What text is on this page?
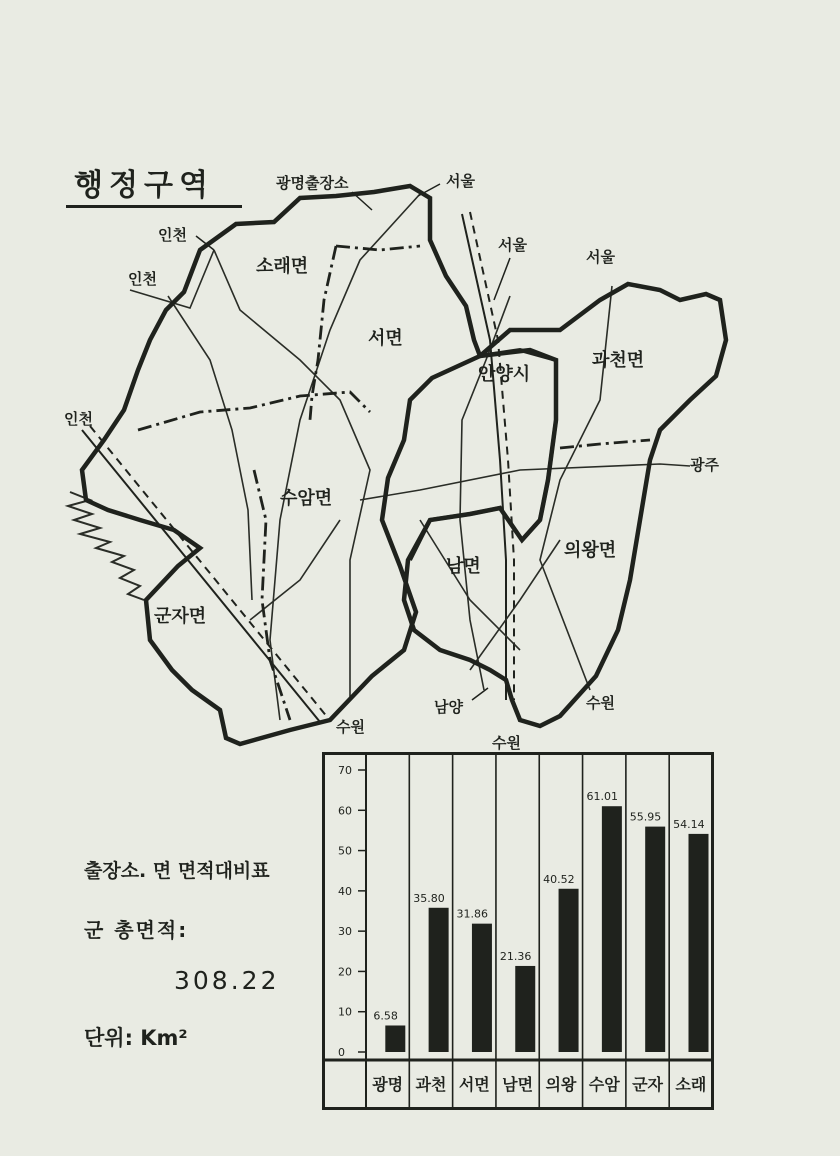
행정구역
소래면
서면
안양시
과천면
수암면
남면
의왕면
군자면
광명출장소	서울
서울
서울
인천
인천
인천
광주
수원
수원
수원
남양
출장소. 면 면적대비표
군 총면적:
308.22
단위: Km²
70
60
50
40
30
20
10
0
6.58
광명
35.80
과천
31.86
서면
21.36
남면
40.52
의왕
61.01
수암
55.95
군자
54.14
소래
